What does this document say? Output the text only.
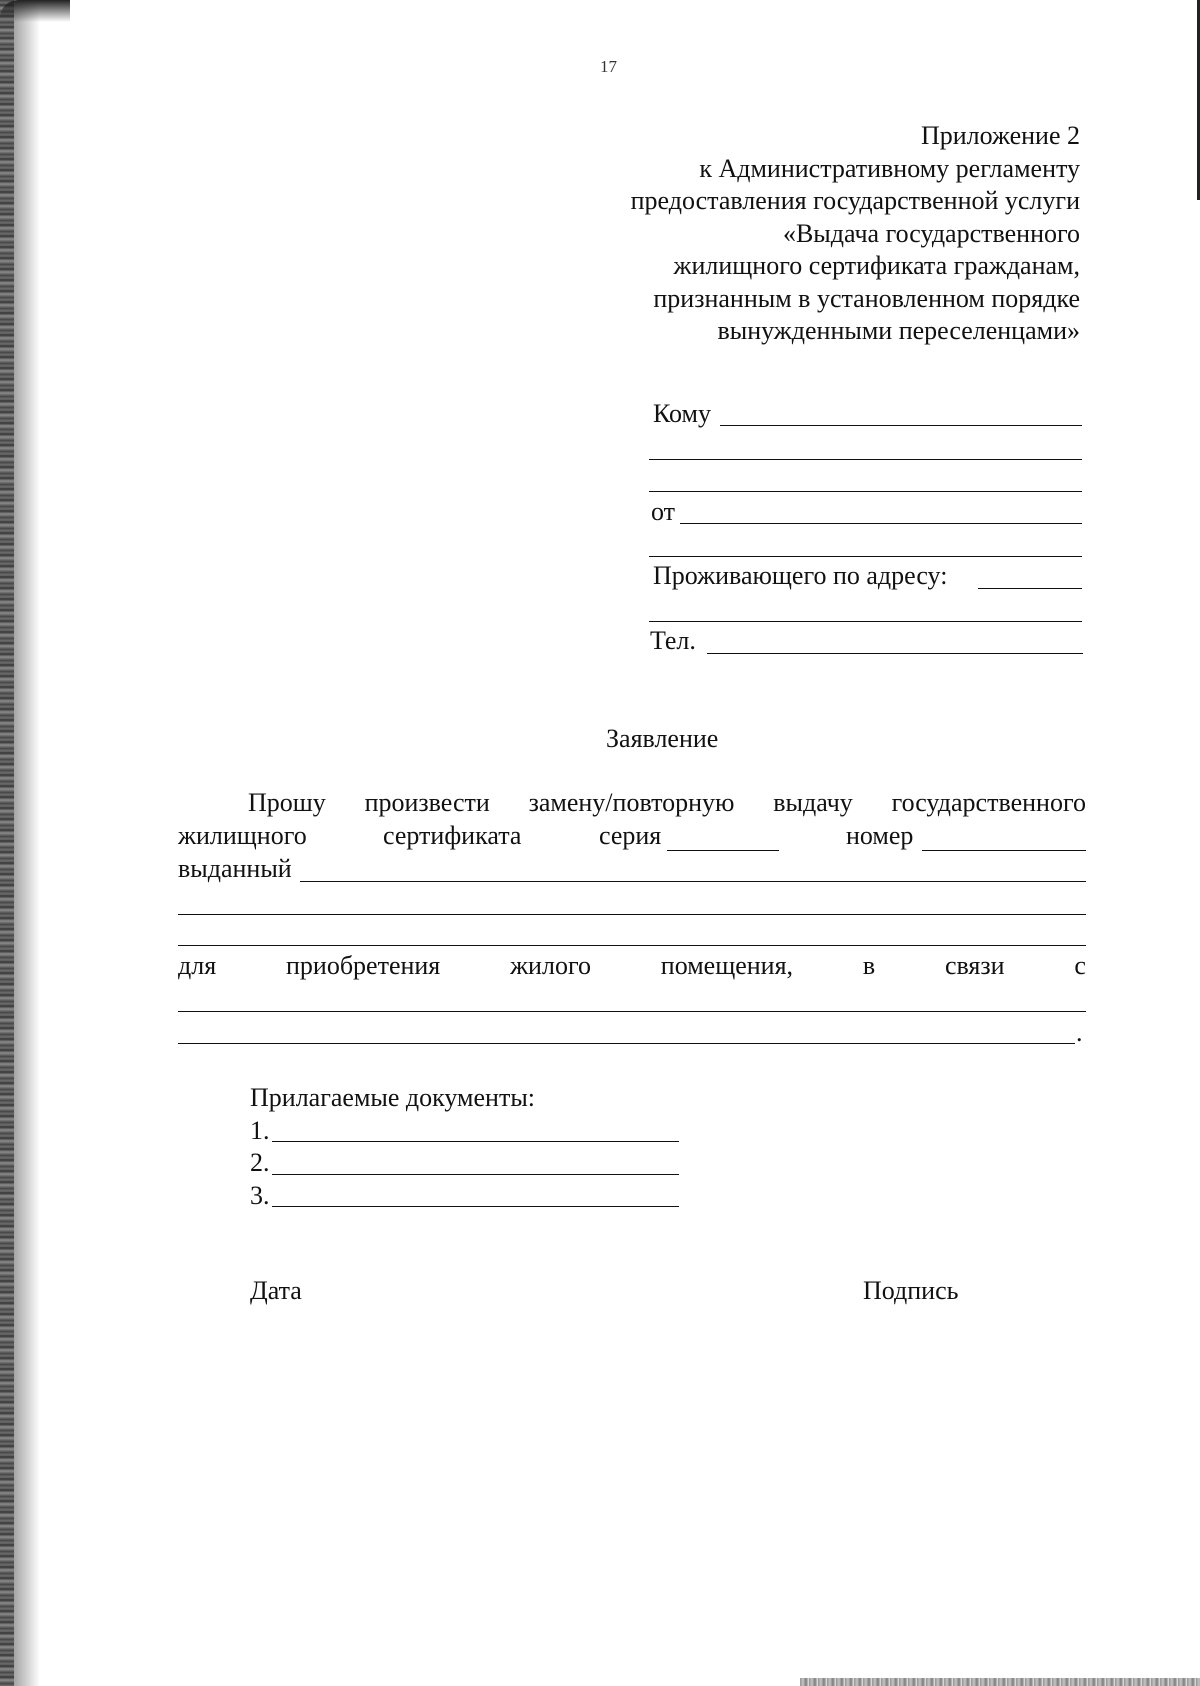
17
Приложение 2
к Административному регламенту
предоставления государственной услуги
«Выдача государственного
жилищного сертификата гражданам,
признанным в установленном порядке
вынужденными переселенцами»
Кому
от
Проживающего по адресу:
Тел.
Заявление
Прошу произвести замену/повторную выдачу государственного
жилищного	сертификата	серия	номер
выданный
для	приобретения	жилого	помещения,	в	связи	с
.
Прилагаемые документы:
1.
2.
3.
Дата	Подпись
